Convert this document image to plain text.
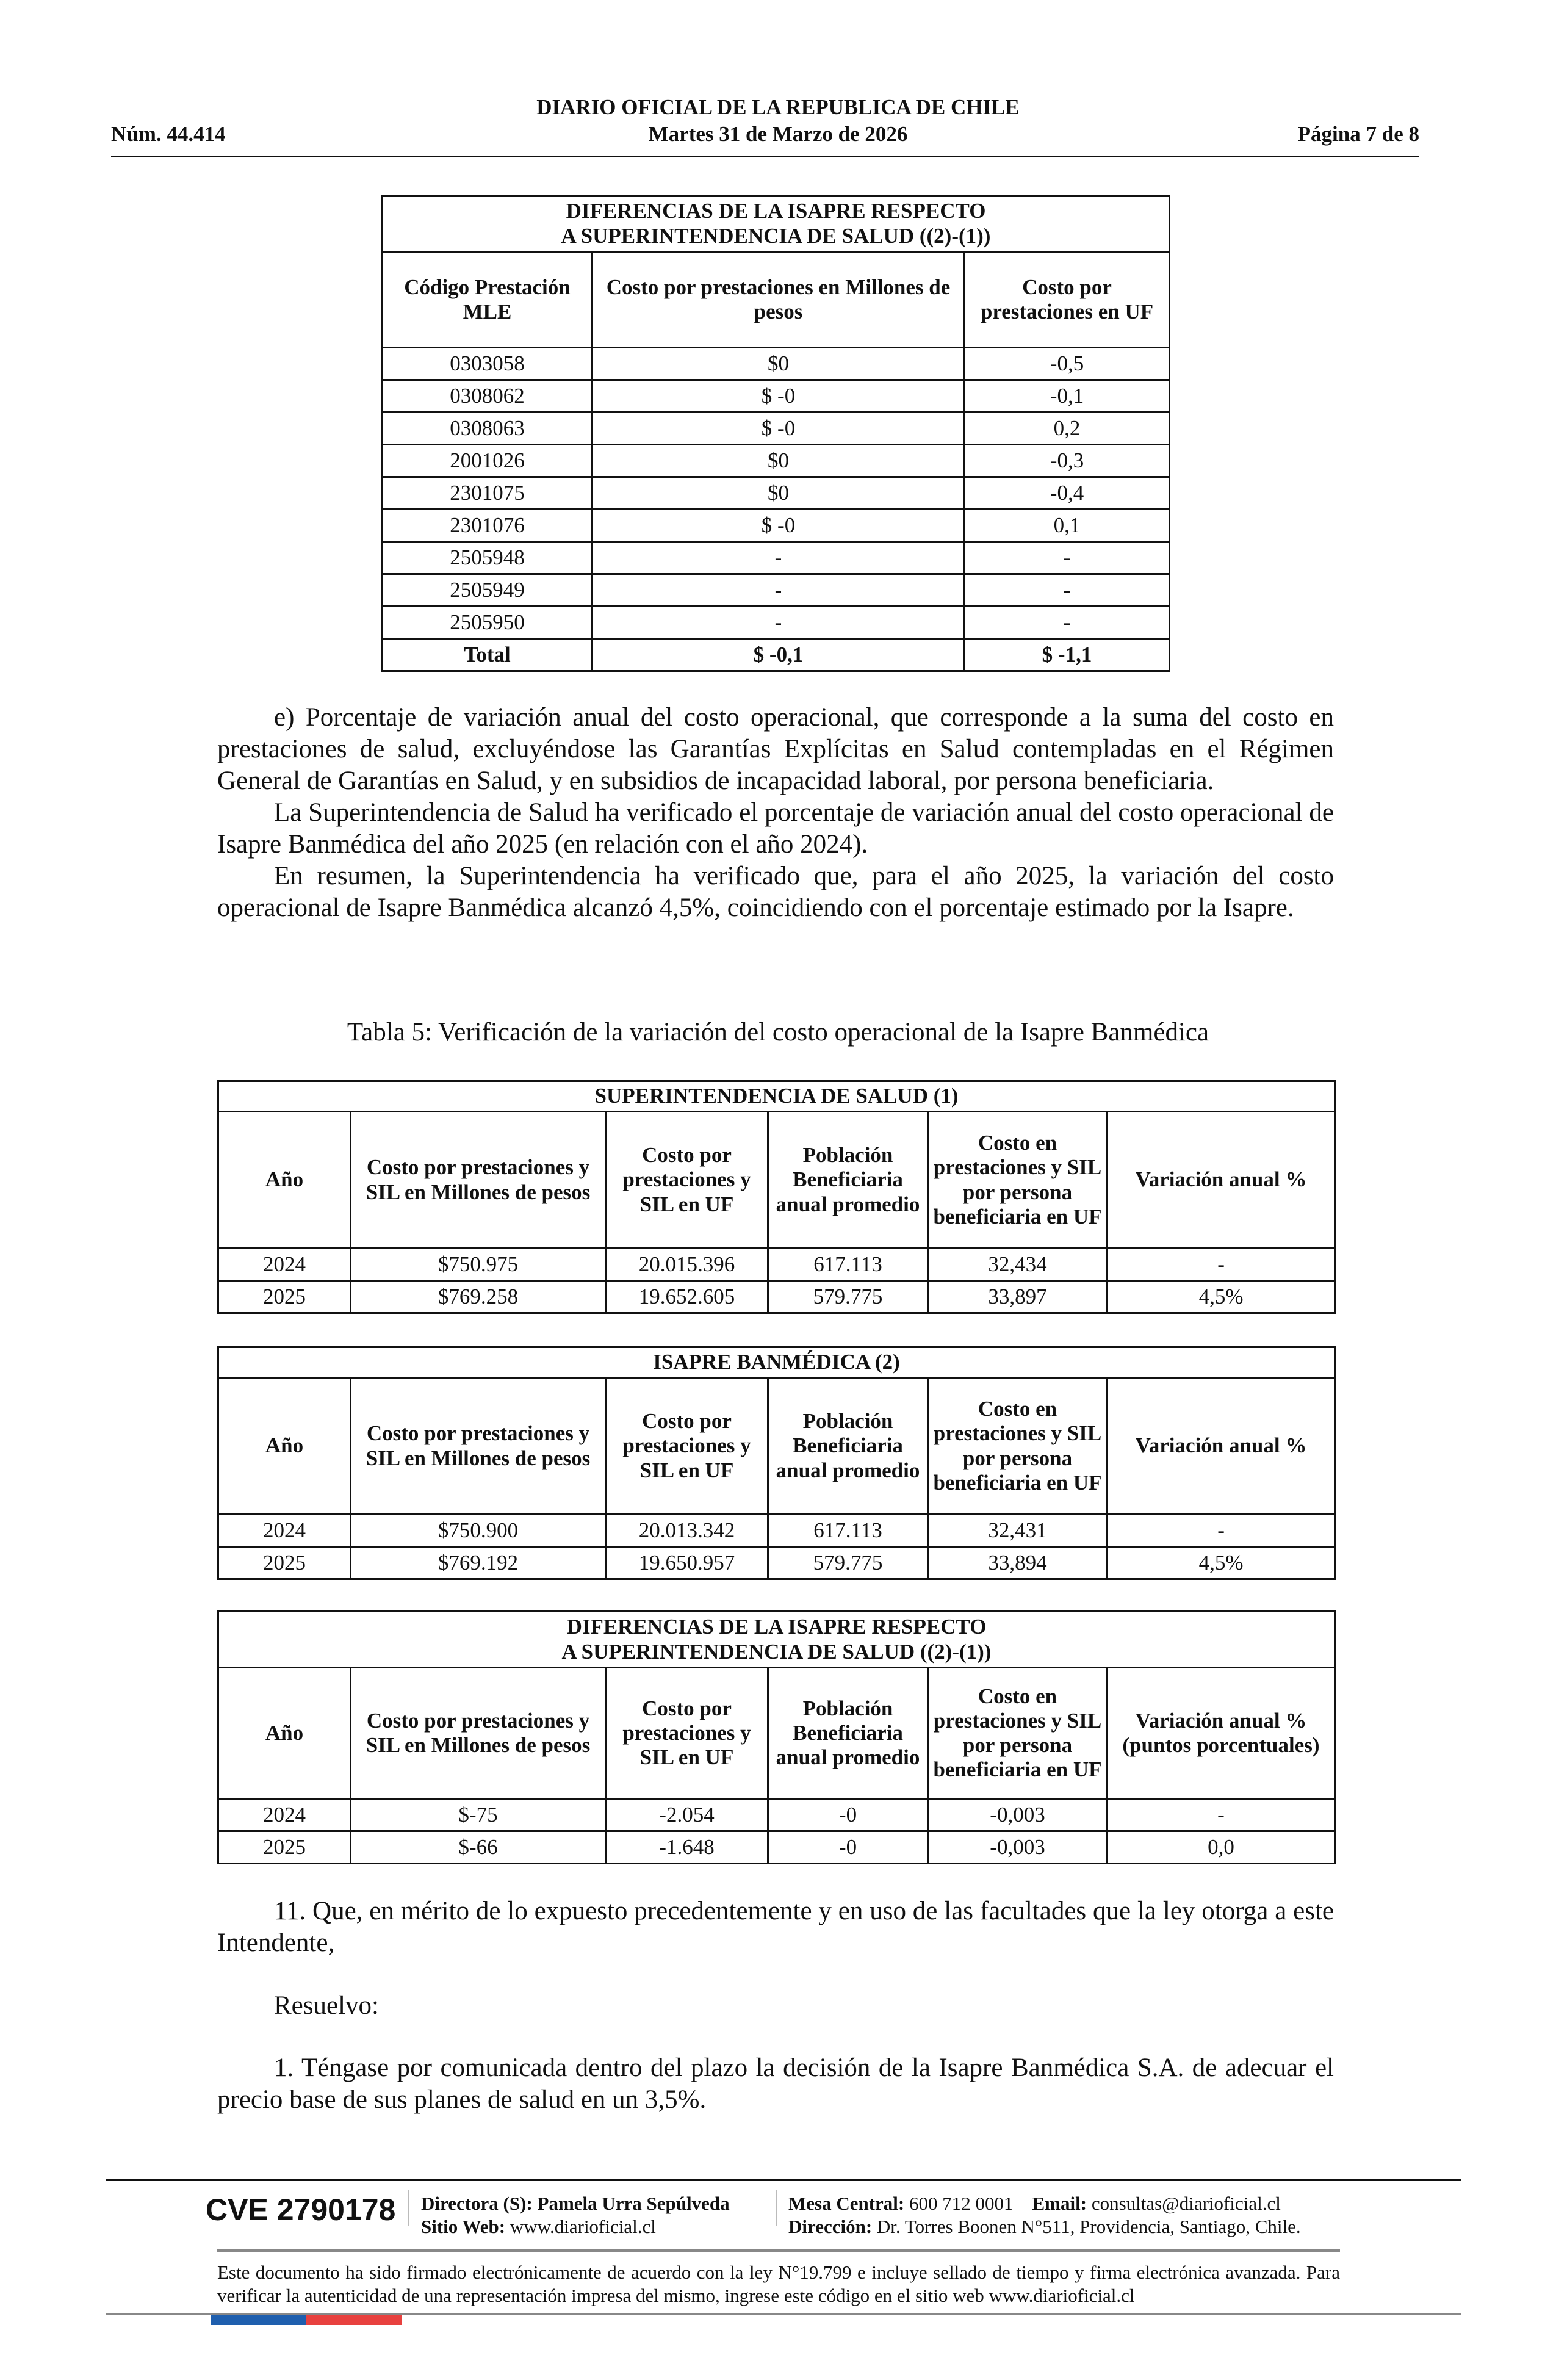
DIARIO OFICIAL DE LA REPUBLICA DE CHILE
Núm. 44.414	Martes 31 de Marzo de 2026	Página 7 de 8
DIFERENCIAS DE LA ISAPRE RESPECTO
A SUPERINTENDENCIA DE SALUD ((2)-(1))		
Código Prestación MLE	Costo por prestaciones en Millones de pesos	Costo por prestaciones en UF
0303058	$0	-0,5
0308062	$ -0	-0,1
0308063	$ -0	0,2
2001026	$0	-0,3
2301075	$0	-0,4
2301076	$ -0	0,1
2505948	-	-
2505949	-	-
2505950	-	-
Total	$ -0,1	$ -1,1
e) Porcentaje de variación anual del costo operacional, que corresponde a la suma del costo en prestaciones de salud, excluyéndose las Garantías Explícitas en Salud contempladas en el Régimen General de Garantías en Salud, y en subsidios de incapacidad laboral, por persona beneficiaria.
La Superintendencia de Salud ha verificado el porcentaje de variación anual del costo operacional de Isapre Banmédica del año 2025 (en relación con el año 2024).
En resumen, la Superintendencia ha verificado que, para el año 2025, la variación del costo operacional de Isapre Banmédica alcanzó 4,5%, coincidiendo con el porcentaje estimado por la Isapre.
Tabla 5: Verificación de la variación del costo operacional de la Isapre Banmédica
SUPERINTENDENCIA DE SALUD (1)					
Año	Costo por prestaciones y SIL en Millones de pesos	Costo por prestaciones y SIL en UF	Población Beneficiaria anual promedio	Costo en prestaciones y SIL por persona beneficiaria en UF	Variación anual %
2024	$750.975	20.015.396	617.113	32,434	-
2025	$769.258	19.652.605	579.775	33,897	4,5%
ISAPRE BANMÉDICA (2)					
Año	Costo por prestaciones y SIL en Millones de pesos	Costo por prestaciones y SIL en UF	Población Beneficiaria anual promedio	Costo en prestaciones y SIL por persona beneficiaria en UF	Variación anual %
2024	$750.900	20.013.342	617.113	32,431	-
2025	$769.192	19.650.957	579.775	33,894	4,5%
DIFERENCIAS DE LA ISAPRE RESPECTO
A SUPERINTENDENCIA DE SALUD ((2)-(1))					
Año	Costo por prestaciones y SIL en Millones de pesos	Costo por prestaciones y SIL en UF	Población Beneficiaria anual promedio	Costo en prestaciones y SIL por persona beneficiaria en UF	Variación anual % (puntos porcentuales)
2024	$-75	-2.054	-0	-0,003	-
2025	$-66	-1.648	-0	-0,003	0,0
11. Que, en mérito de lo expuesto precedentemente y en uso de las facultades que la ley otorga a este Intendente,
Resuelvo:
1. Téngase por comunicada dentro del plazo la decisión de la Isapre Banmédica S.A. de adecuar el precio base de sus planes de salud en un 3,5%.
CVE 2790178 Directora (S): Pamela Urra Sepúlveda
Sitio Web: www.diarioficial.cl
Mesa Central: 600 712 0001 Email: consultas@diarioficial.cl
Dirección: Dr. Torres Boonen N°511, Providencia, Santiago, Chile.
Este documento ha sido firmado electrónicamente de acuerdo con la ley N°19.799 e incluye sellado de tiempo y firma electrónica avanzada. Para verificar la autenticidad de una representación impresa del mismo, ingrese este código en el sitio web www.diarioficial.cl
